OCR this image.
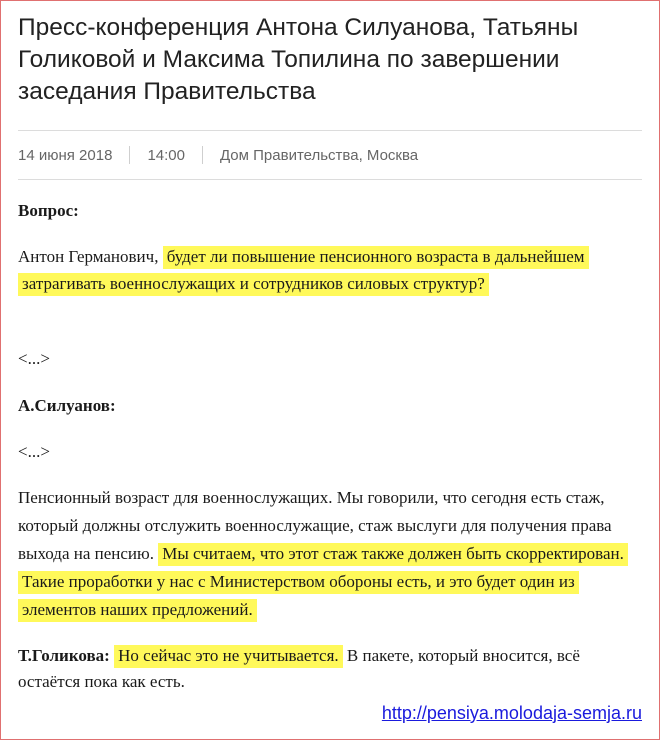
Пресс-конференция Антона Силуанова, Татьяны Голиковой и Максима Топилина по завершении заседания Правительства
14 июня 2018 14:00 Дом Правительства, Москва
Вопрос:
Антон Германович, будет ли повышение пенсионного возраста в дальнейшем затрагивать военнослужащих и сотрудников силовых структур?
<...>
А.Силуанов:
<...>
Пенсионный возраст для военнослужащих. Мы говорили, что сегодня есть стаж, который должны отслужить военнослужащие, стаж выслуги для получения права выхода на пенсию. Мы считаем, что этот стаж также должен быть скорректирован. Такие проработки у нас с Министерством обороны есть, и это будет один из элементов наших предложений.
Т.Голикова: Но сейчас это не учитывается. В пакете, который вносится, всё остаётся пока как есть.
http://pensiya.molodaja-semja.ru
